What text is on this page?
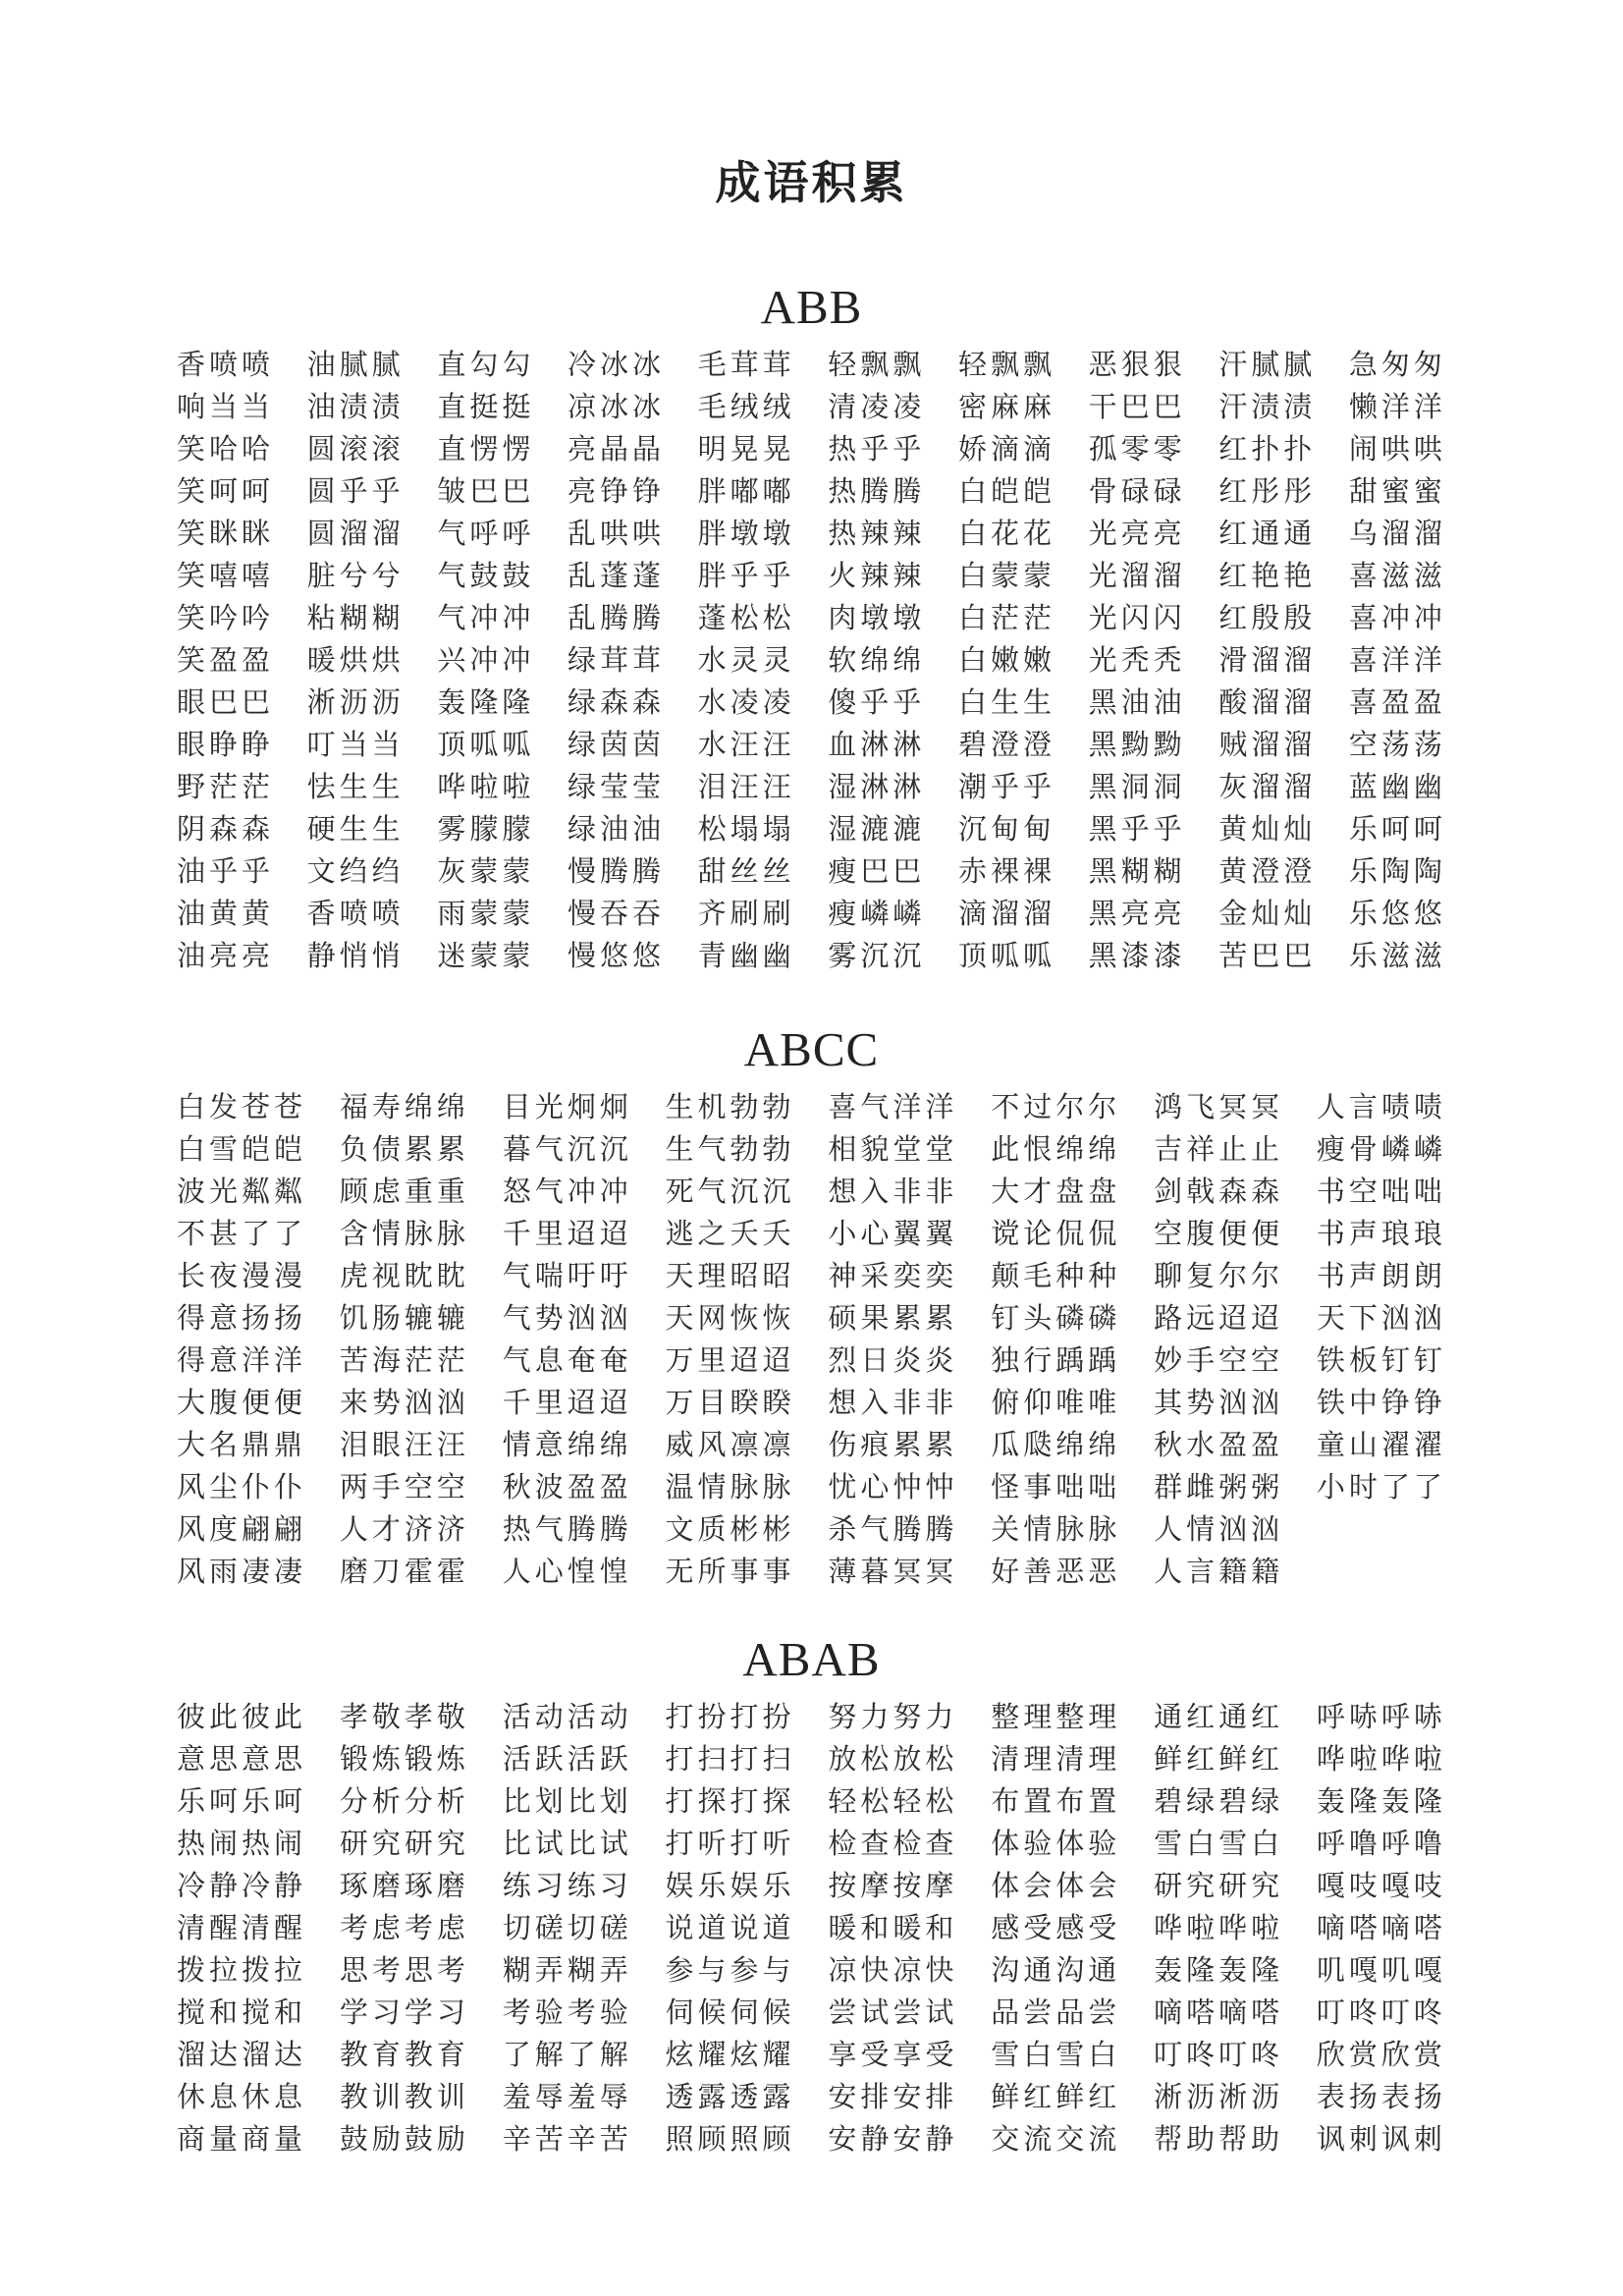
成语积累
ABB
香喷喷
响当当
笑哈哈
笑呵呵
笑眯眯
笑嘻嘻
笑吟吟
笑盈盈
眼巴巴
眼睁睁
野茫茫
阴森森
油乎乎
油黄黄
油亮亮
油腻腻
油渍渍
圆滚滚
圆乎乎
圆溜溜
脏兮兮
粘糊糊
暖烘烘
淅沥沥
叮当当
怯生生
硬生生
文绉绉
香喷喷
静悄悄
直勾勾
直挺挺
直愣愣
皱巴巴
气呼呼
气鼓鼓
气冲冲
兴冲冲
轰隆隆
顶呱呱
哗啦啦
雾朦朦
灰蒙蒙
雨蒙蒙
迷蒙蒙
冷冰冰
凉冰冰
亮晶晶
亮铮铮
乱哄哄
乱蓬蓬
乱腾腾
绿茸茸
绿森森
绿茵茵
绿莹莹
绿油油
慢腾腾
慢吞吞
慢悠悠
毛茸茸
毛绒绒
明晃晃
胖嘟嘟
胖墩墩
胖乎乎
蓬松松
水灵灵
水凌凌
水汪汪
泪汪汪
松塌塌
甜丝丝
齐刷刷
青幽幽
轻飘飘
清凌凌
热乎乎
热腾腾
热辣辣
火辣辣
肉墩墩
软绵绵
傻乎乎
血淋淋
湿淋淋
湿漉漉
瘦巴巴
瘦嶙嶙
雾沉沉
轻飘飘
密麻麻
娇滴滴
白皑皑
白花花
白蒙蒙
白茫茫
白嫩嫩
白生生
碧澄澄
潮乎乎
沉甸甸
赤裸裸
滴溜溜
顶呱呱
恶狠狠
干巴巴
孤零零
骨碌碌
光亮亮
光溜溜
光闪闪
光秃秃
黑油油
黑黝黝
黑洞洞
黑乎乎
黑糊糊
黑亮亮
黑漆漆
汗腻腻
汗渍渍
红扑扑
红彤彤
红通通
红艳艳
红殷殷
滑溜溜
酸溜溜
贼溜溜
灰溜溜
黄灿灿
黄澄澄
金灿灿
苦巴巴
急匆匆
懒洋洋
闹哄哄
甜蜜蜜
乌溜溜
喜滋滋
喜冲冲
喜洋洋
喜盈盈
空荡荡
蓝幽幽
乐呵呵
乐陶陶
乐悠悠
乐滋滋
ABCC
白发苍苍
白雪皑皑
波光粼粼
不甚了了
长夜漫漫
得意扬扬
得意洋洋
大腹便便
大名鼎鼎
风尘仆仆
风度翩翩
风雨凄凄
福寿绵绵
负债累累
顾虑重重
含情脉脉
虎视眈眈
饥肠辘辘
苦海茫茫
来势汹汹
泪眼汪汪
两手空空
人才济济
磨刀霍霍
目光炯炯
暮气沉沉
怒气冲冲
千里迢迢
气喘吁吁
气势汹汹
气息奄奄
千里迢迢
情意绵绵
秋波盈盈
热气腾腾
人心惶惶
生机勃勃
生气勃勃
死气沉沉
逃之夭夭
天理昭昭
天网恢恢
万里迢迢
万目睽睽
威风凛凛
温情脉脉
文质彬彬
无所事事
喜气洋洋
相貌堂堂
想入非非
小心翼翼
神采奕奕
硕果累累
烈日炎炎
想入非非
伤痕累累
忧心忡忡
杀气腾腾
薄暮冥冥
不过尔尔
此恨绵绵
大才盘盘
谠论侃侃
颠毛种种
钉头磷磷
独行踽踽
俯仰唯唯
瓜瓞绵绵
怪事咄咄
关情脉脉
好善恶恶
鸿飞冥冥
吉祥止止
剑戟森森
空腹便便
聊复尔尔
路远迢迢
妙手空空
其势汹汹
秋水盈盈
群雌粥粥
人情汹汹
人言籍籍
人言啧啧
瘦骨嶙嶙
书空咄咄
书声琅琅
书声朗朗
天下汹汹
铁板钉钉
铁中铮铮
童山濯濯
小时了了
ABAB
彼此彼此
意思意思
乐呵乐呵
热闹热闹
冷静冷静
清醒清醒
拨拉拨拉
搅和搅和
溜达溜达
休息休息
商量商量
孝敬孝敬
锻炼锻炼
分析分析
研究研究
琢磨琢磨
考虑考虑
思考思考
学习学习
教育教育
教训教训
鼓励鼓励
活动活动
活跃活跃
比划比划
比试比试
练习练习
切磋切磋
糊弄糊弄
考验考验
了解了解
羞辱羞辱
辛苦辛苦
打扮打扮
打扫打扫
打探打探
打听打听
娱乐娱乐
说道说道
参与参与
伺候伺候
炫耀炫耀
透露透露
照顾照顾
努力努力
放松放松
轻松轻松
检查检查
按摩按摩
暖和暖和
凉快凉快
尝试尝试
享受享受
安排安排
安静安静
整理整理
清理清理
布置布置
体验体验
体会体会
感受感受
沟通沟通
品尝品尝
雪白雪白
鲜红鲜红
交流交流
通红通红
鲜红鲜红
碧绿碧绿
雪白雪白
研究研究
哗啦哗啦
轰隆轰隆
嘀嗒嘀嗒
叮咚叮咚
淅沥淅沥
帮助帮助
呼哧呼哧
哗啦哗啦
轰隆轰隆
呼噜呼噜
嘎吱嘎吱
嘀嗒嘀嗒
叽嘎叽嘎
叮咚叮咚
欣赏欣赏
表扬表扬
讽刺讽刺
